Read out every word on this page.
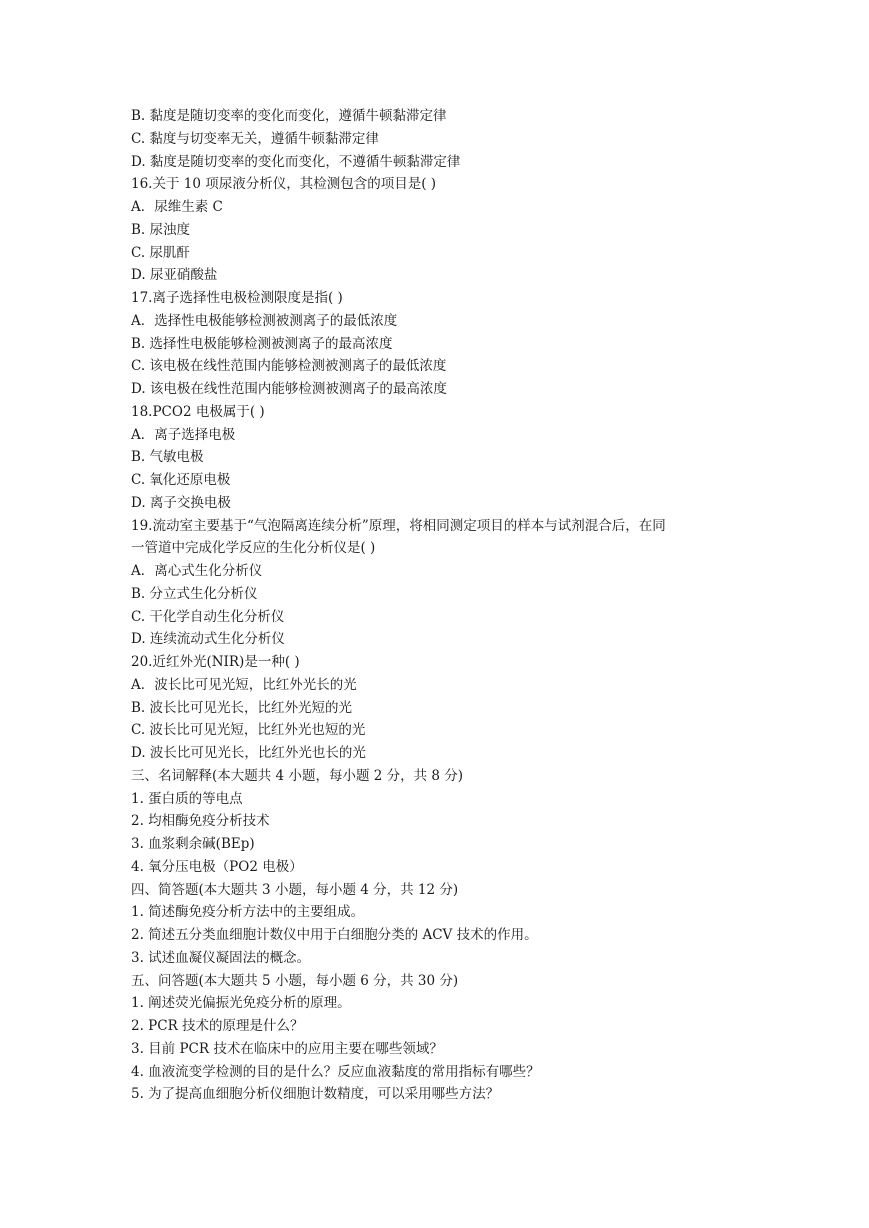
B. 黏度是随切变率的变化而变化，遵循牛顿黏滞定律
C. 黏度与切变率无关，遵循牛顿黏滞定律
D. 黏度是随切变率的变化而变化，不遵循牛顿黏滞定律
16.关于 10 项尿液分析仪，其检测包含的项目是( )
A．尿维生素 C
B. 尿浊度
C. 尿肌酐
D. 尿亚硝酸盐
17.离子选择性电极检测限度是指( )
A．选择性电极能够检测被测离子的最低浓度
B. 选择性电极能够检测被测离子的最高浓度
C. 该电极在线性范围内能够检测被测离子的最低浓度
D. 该电极在线性范围内能够检测被测离子的最高浓度
18.PCO2 电极属于( )
A．离子选择电极
B. 气敏电极
C. 氧化还原电极
D. 离子交换电极
19.流动室主要基于“气泡隔离连续分析”原理，将相同测定项目的样本与试剂混合后，在同
一管道中完成化学反应的生化分析仪是( )
A．离心式生化分析仪
B. 分立式生化分析仪
C. 干化学自动生化分析仪
D. 连续流动式生化分析仪
20.近红外光(NIR)是一种( )
A．波长比可见光短，比红外光长的光
B. 波长比可见光长，比红外光短的光
C. 波长比可见光短，比红外光也短的光
D. 波长比可见光长，比红外光也长的光
三、名词解释(本大题共 4 小题，每小题 2 分，共 8 分)
1. 蛋白质的等电点
2. 均相酶免疫分析技术
3. 血浆剩余碱(BEp)
4. 氧分压电极（PO2 电极）
四、简答题(本大题共 3 小题，每小题 4 分，共 12 分)
1. 简述酶免疫分析方法中的主要组成。
2. 简述五分类血细胞计数仪中用于白细胞分类的 ACV 技术的作用。
3. 试述血凝仪凝固法的概念。
五、问答题(本大题共 5 小题，每小题 6 分，共 30 分)
1. 阐述荧光偏振光免疫分析的原理。
2. PCR 技术的原理是什么？
3. 目前 PCR 技术在临床中的应用主要在哪些领域？
4. 血液流变学检测的目的是什么？反应血液黏度的常用指标有哪些？
5. 为了提高血细胞分析仪细胞计数精度，可以采用哪些方法？
